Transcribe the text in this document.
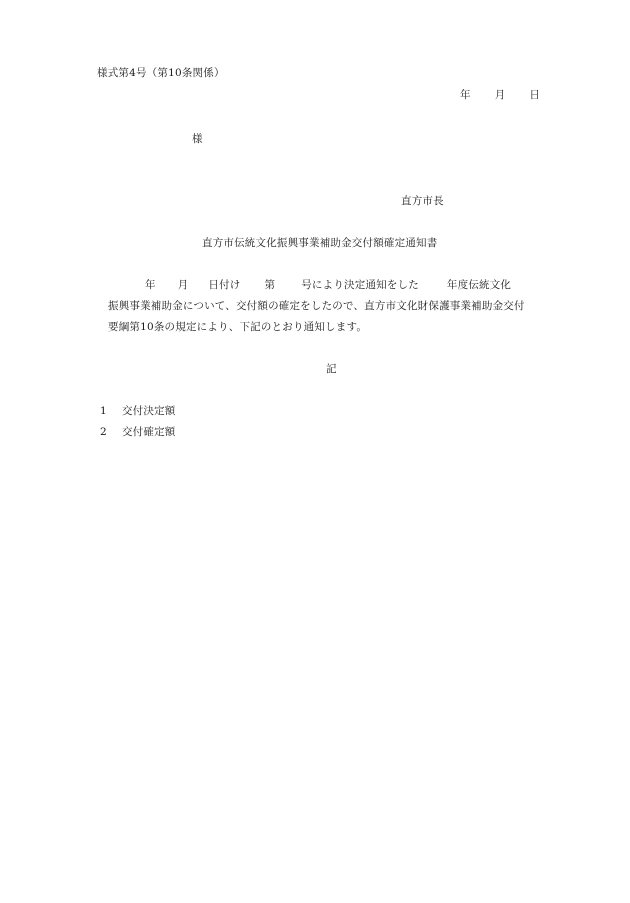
様式第4号（第10条関係）
年 月 日
様
直方市長
直方市伝統文化振興事業補助金交付額確定通知書
年 月 日付け 第 号により決定通知をした	年度伝統文化
振興事業補助金について、交付額の確定をしたので、直方市文化財保護事業補助金交付
要綱第10条の規定により、下記のとおり通知します。
記
1 交付決定額
2 交付確定額
